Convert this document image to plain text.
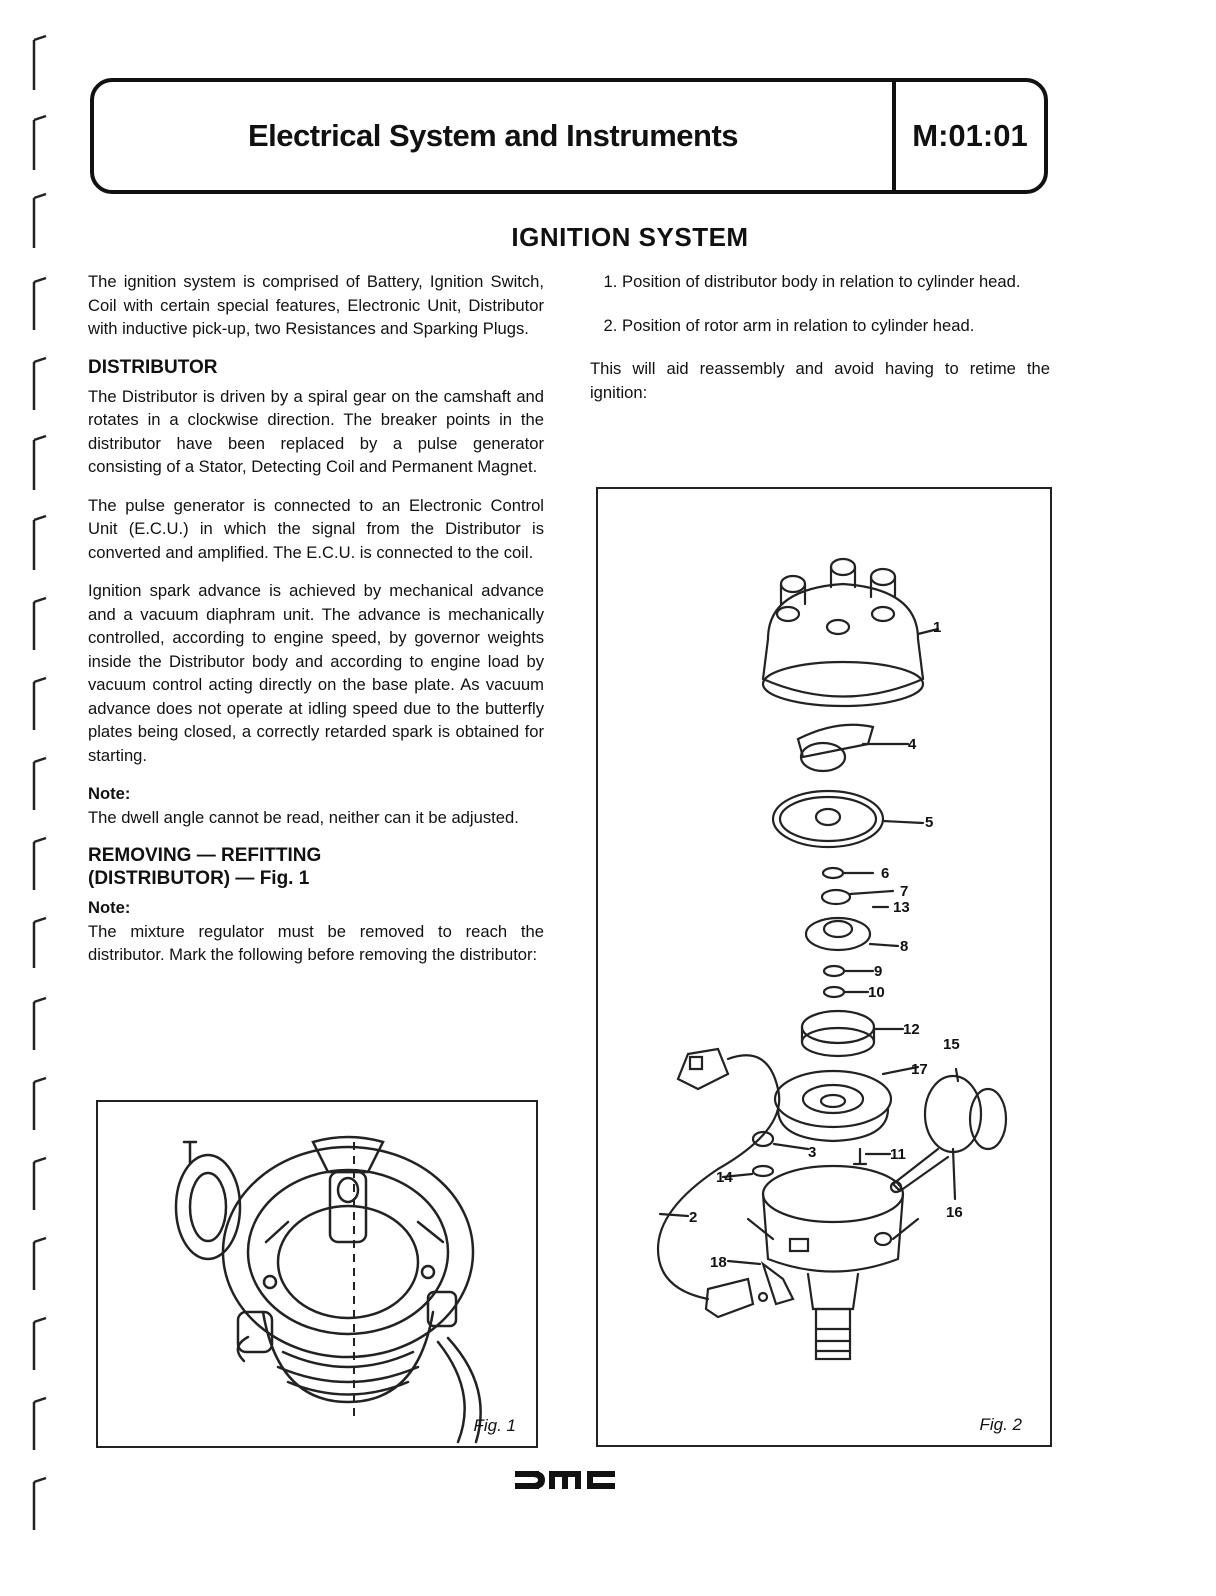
Electrical System and Instruments	M:01:01
IGNITION SYSTEM

The ignition system is comprised of Battery, Ignition Switch, Coil with certain special features, Electronic Unit, Distributor with inductive pick-up, two Resistances and Sparking Plugs.

DISTRIBUTOR

The Distributor is driven by a spiral gear on the camshaft and rotates in a clockwise direction. The breaker points in the distributor have been replaced by a pulse generator consisting of a Stator, Detecting Coil and Permanent Magnet.

The pulse generator is connected to an Electronic Control Unit (E.C.U.) in which the signal from the Distributor is converted and amplified. The E.C.U. is connected to the coil.

Ignition spark advance is achieved by mechanical advance and a vacuum diaphram unit. The advance is mechanically controlled, according to engine speed, by governor weights inside the Distributor body and according to engine load by vacuum control acting directly on the base plate. As vacuum advance does not operate at idling speed due to the butterfly plates being closed, a correctly retarded spark is obtained for starting.

Note:

The dwell angle cannot be read, neither can it be adjusted.

REMOVING — REFITTING
(DISTRIBUTOR) — Fig. 1
Note:

The mixture regulator must be removed to reach the distributor. Mark the following before removing the distributor:

1. Position of distributor body in relation to cylinder head.
2. Position of rotor arm in relation to cylinder head.

This will aid reassembly and avoid having to retime the ignition:

Fig. 1
1
2
3
4
5
6
7
8
9
10
11
12
13
14
15
16
17
18
Fig. 2
